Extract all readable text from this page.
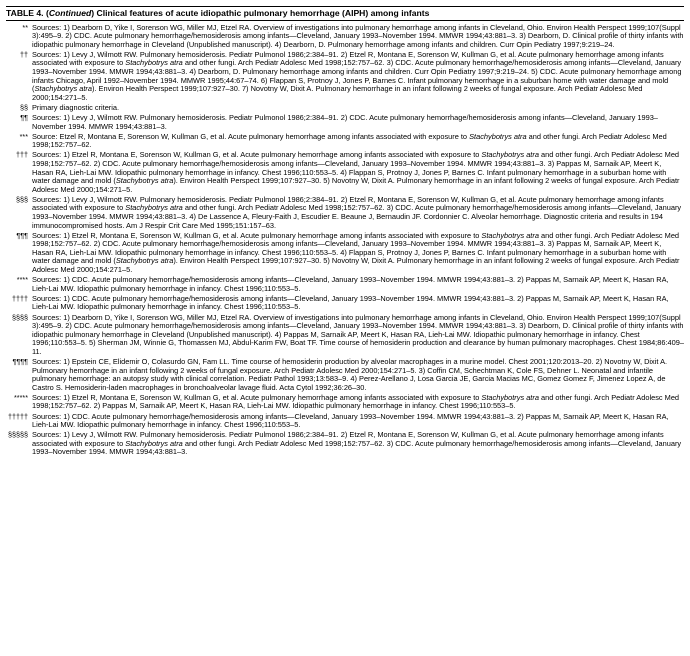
TABLE 4. (Continued) Clinical features of acute idiopathic pulmonary hemorrhage (AIPH) among infants
** Sources: 1) Dearborn D, Yike I, Sorenson WG, Miller MJ, Etzel RA. Overview of investigations into pulmonary hemorrhage among infants in Cleveland, Ohio. Environ Health Perspect 1999;107(Suppl 3):495–9. 2) CDC. Acute pulmonary hemorrhage/hemosiderosis among infants—Cleveland, January 1993–November 1994. MMWR 1994;43:881–3. 3) Dearborn, D. Clinical profile of thirty infants with idiopathic pulmonary hemorrhage in Cleveland (Unpublished manuscript). 4) Dearborn, D. Pulmonary hemorrhage among infants and children. Curr Opin Pediatry 1997;9:219–24.
†† Sources: 1) Levy J, Wilmott RW. Pulmonary hemosiderosis. Pediatr Pulmonol 1986;2:384–91. 2) Etzel R, Montana E, Sorenson W, Kullman G, et al. Acute pulmonary hemorrhage among infants associated with exposure to Stachybotrys atra and other fungi. Arch Pediatr Adolesc Med 1998;152:757–62. 3) CDC. Acute pulmonary hemorrhage/hemosiderosis among infants—Cleveland, January 1993–November 1994. MMWR 1994;43:881–3. 4) Dearborn, D. Pulmonary hemorrhage among infants and children. Curr Opin Pediatry 1997;9:219–24. 5) CDC. Acute pulmonary hemorrhage among infants Chicago, April 1992–November 1994. MMWR 1995;44:67–74. 6) Flappan S, Protnoy J, Jones P, Barnes C. Infant pulmonary hemorrhage in a suburban home with water damage and mold (Stachybotrys atra). Environ Health Perspect 1999;107:927–30. 7) Novotny W, Dixit A. Pulmonary hemorrhage in an infant following 2 weeks of fungal exposure. Arch Pediatr Adolesc Med 2000;154:271–5.
§§ Primary diagnostic criteria.
¶¶ Sources: 1) Levy J, Wilmott RW. Pulmonary hemosiderosis. Pediatr Pulmonol 1986;2:384–91. 2) CDC. Acute pulmonary hemorrhage/hemosiderosis among infants—Cleveland, January 1993–November 1994. MMWR 1994;43:881–3.
*** Source: Etzel R, Montana E, Sorenson W, Kullman G, et al. Acute pulmonary hemorrhage among infants associated with exposure to Stachybotrys atra and other fungi. Arch Pediatr Adolesc Med 1998;152:757–62.
††† Sources: 1) Etzel R, Montana E, Sorenson W, Kullman G, et al. Acute pulmonary hemorrhage among infants associated with exposure to Stachybotrys atra and other fungi. Arch Pediatr Adolesc Med 1998;152:757–62. 2) CDC. Acute pulmonary hemorrhage/hemosiderosis among infants—Cleveland, January 1993–November 1994. MMWR 1994;43:881–3. 3) Pappas M, Sarnaik AP, Meert K, Hasan RA, Lieh-Lai MW. Idiopathic pulmonary hemorrhage in infancy. Chest 1996;110:553–5. 4) Flappan S, Protnoy J, Jones P, Barnes C. Infant pulmonary hemorrhage in a suburban home with water damage and mold (Stachybotrys atra). Environ Health Perspect 1999;107:927–30. 5) Novotny W, Dixit A. Pulmonary hemorrhage in an infant following 2 weeks of fungal exposure. Arch Pediatr Adolesc Med 2000;154:271–5.
§§§ Sources: 1) Levy J, Wilmott RW. Pulmonary hemosiderosis. Pediatr Pulmonol 1986;2:384–91. 2) Etzel R, Montana E, Sorenson W, Kullman G, et al. Acute pulmonary hemorrhage among infants associated with exposure to Stachybotrys atra and other fungi. Arch Pediatr Adolesc Med 1998;152:757–62. 3) CDC. Acute pulmonary hemorrhage/hemosiderosis among infants—Cleveland, January 1993–November 1994. MMWR 1994;43:881–3. 4) De Lassence A, Fleury-Faith J, Escudier E. Beaune J, Bernaudin JF. Cordonnier C. Alveolar hemorrhage. Diagnostic criteria and results in 194 immunocompromised hosts. Am J Respir Crit Care Med 1995;151:157–63.
¶¶¶ Sources: 1) Etzel R, Montana E, Sorenson W, Kullman G, et al. Acute pulmonary hemorrhage among infants associated with exposure to Stachybotrys atra and other fungi. Arch Pediatr Adolesc Med 1998;152:757–62. 2) CDC. Acute pulmonary hemorrhage/hemosiderosis among infants—Cleveland, January 1993–November 1994. MMWR 1994;43:881–3. 3) Pappas M, Sarnaik AP, Meert K, Hasan RA, Lieh-Lai MW. Idiopathic pulmonary hemorrhage in infancy. Chest 1996;110:553–5. 4) Flappan S, Protnoy J, Jones P, Barnes C. Infant pulmonary hemorrhage in a suburban home with water damage and mold (Stachybotrys atra). Environ Health Perspect 1999;107:927–30. 5) Novotny W, Dixit A. Pulmonary hemorrhage in an infant following 2 weeks of fungal exposure. Arch Pediatr Adolesc Med 2000;154:271–5.
**** Sources: 1) CDC. Acute pulmonary hemorrhage/hemosiderosis among infants—Cleveland, January 1993–November 1994. MMWR 1994;43:881–3. 2) Pappas M, Sarnaik AP, Meert K, Hasan RA, Lieh-Lai MW. Idiopathic pulmonary hemorrhage in infancy. Chest 1996;110:553–5.
†††† Sources: 1) CDC. Acute pulmonary hemorrhage/hemosiderosis among infants—Cleveland, January 1993–November 1994. MMWR 1994;43:881–3. 2) Pappas M, Sarnaik AP, Meert K, Hasan RA, Lieh-Lai MW. Idiopathic pulmonary hemorrhage in infancy. Chest 1996;110:553–5.
§§§§ Sources: 1) Dearborn D, Yike I, Sorenson WG, Miller MJ, Etzel RA. Overview of investigations into pulmonary hemorrhage among infants in Cleveland, Ohio. Environ Health Perspect 1999;107(Suppl 3):495–9. 2) CDC. Acute pulmonary hemorrhage/hemosiderosis among infants—Cleveland, January 1993–November 1994. MMWR 1994;43:881–3. 3) Dearborn, D. Clinical profile of thirty infants with idiopathic pulmonary hemorrhage in Cleveland (Unpublished manuscript). 4) Pappas M, Sarnaik AP, Meert K, Hasan RA, Lieh-Lai MW. Idiopathic pulmonary hemorrhage in infancy. Chest 1996;110:553–5. 5) Sherman JM, Winnie G, Thomassen MJ, Abdul-Karim FW, Boat TF. Time course of hemosiderin production and clearance by human pulmonary macrophages. Chest 1984;86:409–11.
¶¶¶¶ Sources: 1) Epstein CE, Elidemir O, Colasurdo GN, Fam LL. Time course of hemosiderin production by alveolar macrophages in a murine model. Chest 2001;120:2013–20. 2) Novotny W, Dixit A. Pulmonary hemorrhage in an infant following 2 weeks of fungal exposure. Arch Pediatr Adolesc Med 2000;154:271–5. 3) Coffin CM, Schechtman K, Cole FS, Dehner L. Neonatal and infantile pulmonary hemorrhage: an autopsy study with clinical correlation. Pediatr Pathol 1993;13:583–9. 4) Perez-Arellano J, Losa Garcia JE, Garcia Macias MC, Gomez Gomez F, Jimenez Lopez A, de Castro S. Hemosiderin-laden macrophages in bronchoalveolar lavage fluid. Acta Cytol 1992;36:26–30.
***** Sources: 1) Etzel R, Montana E, Sorenson W, Kullman G, et al. Acute pulmonary hemorrhage among infants associated with exposure to Stachybotrys atra and other fungi. Arch Pediatr Adolesc Med 1998;152:757–62. 2) Pappas M, Sarnaik AP, Meert K, Hasan RA, Lieh-Lai MW. Idiopathic pulmonary hemorrhage in infancy. Chest 1996;110:553–5.
††††† Sources: 1) CDC. Acute pulmonary hemorrhage/hemosiderosis among infants—Cleveland, January 1993–November 1994. MMWR 1994;43:881–3. 2) Pappas M, Sarnaik AP, Meert K, Hasan RA, Lieh-Lai MW. Idiopathic pulmonary hemorrhage in infancy. Chest 1996;110:553–5.
§§§§§ Sources: 1) Levy J, Wilmott RW. Pulmonary hemosiderosis. Pediatr Pulmonol 1986;2:384–91. 2) Etzel R, Montana E, Sorenson W, Kullman G, et al. Acute pulmonary hemorrhage among infants associated with exposure to Stachybotrys atra and other fungi. Arch Pediatr Adolesc Med 1998;152:757–62. 3) CDC. Acute pulmonary hemorrhage/hemosiderosis among infants—Cleveland, January 1993–November 1994. MMWR 1994;43:881–3.
